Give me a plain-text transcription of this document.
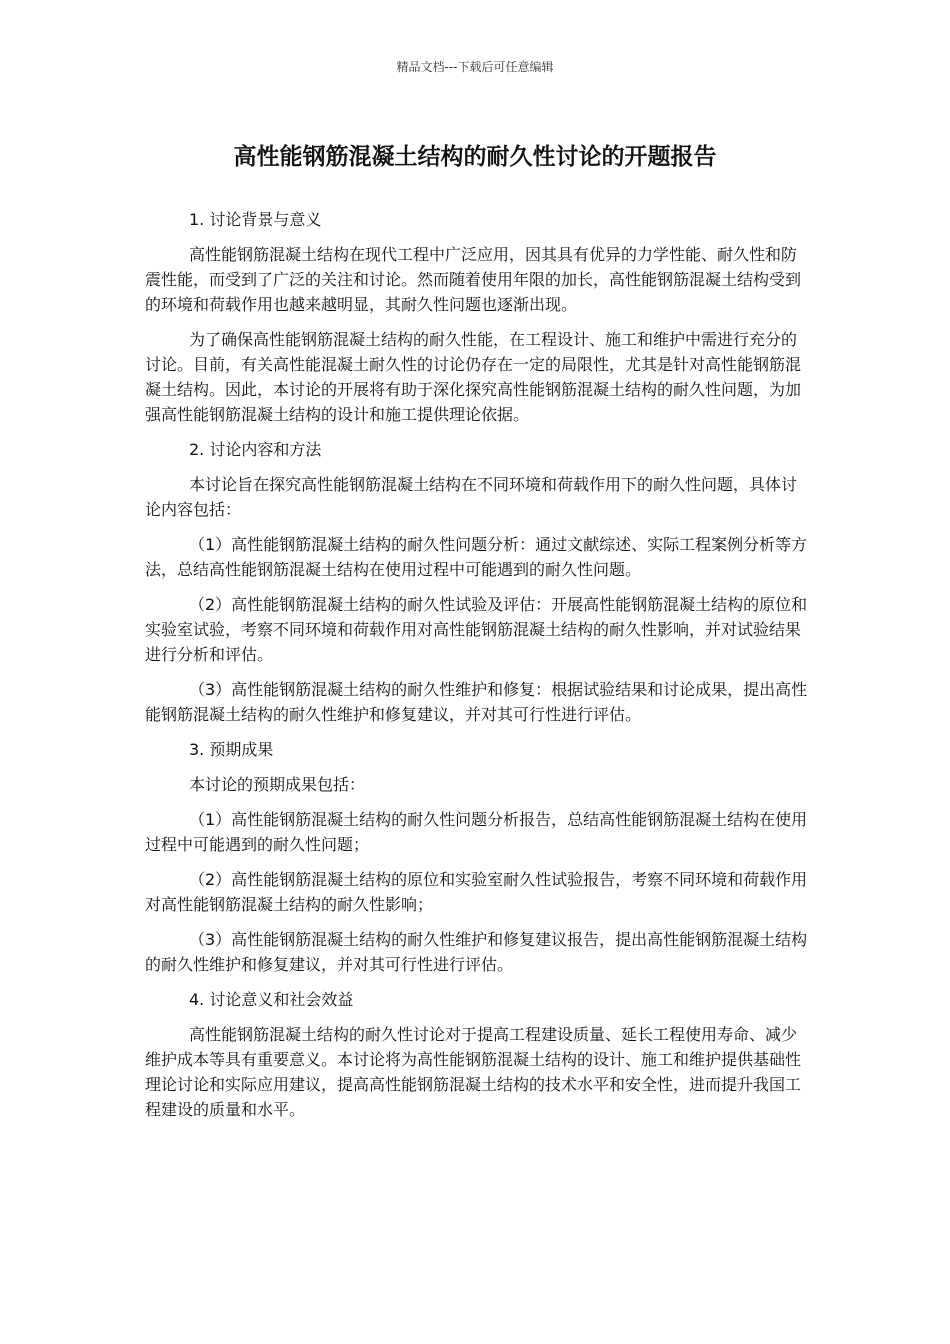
精品文档---下载后可任意编辑
高性能钢筋混凝土结构的耐久性讨论的开题报告
1. 讨论背景与意义

高性能钢筋混凝土结构在现代工程中广泛应用，因其具有优异的力学性能、耐久性和防震性能，而受到了广泛的关注和讨论。然而随着使用年限的加长，高性能钢筋混凝土结构受到的环境和荷载作用也越来越明显，其耐久性问题也逐渐出现。

为了确保高性能钢筋混凝土结构的耐久性能，在工程设计、施工和维护中需进行充分的讨论。目前，有关高性能混凝土耐久性的讨论仍存在一定的局限性，尤其是针对高性能钢筋混凝土结构。因此，本讨论的开展将有助于深化探究高性能钢筋混凝土结构的耐久性问题，为加强高性能钢筋混凝土结构的设计和施工提供理论依据。

2. 讨论内容和方法

本讨论旨在探究高性能钢筋混凝土结构在不同环境和荷载作用下的耐久性问题，具体讨论内容包括：

（1）高性能钢筋混凝土结构的耐久性问题分析：通过文献综述、实际工程案例分析等方法，总结高性能钢筋混凝土结构在使用过程中可能遇到的耐久性问题。

（2）高性能钢筋混凝土结构的耐久性试验及评估：开展高性能钢筋混凝土结构的原位和实验室试验，考察不同环境和荷载作用对高性能钢筋混凝土结构的耐久性影响，并对试验结果进行分析和评估。

（3）高性能钢筋混凝土结构的耐久性维护和修复：根据试验结果和讨论成果，提出高性能钢筋混凝土结构的耐久性维护和修复建议，并对其可行性进行评估。

3. 预期成果

本讨论的预期成果包括：

（1）高性能钢筋混凝土结构的耐久性问题分析报告，总结高性能钢筋混凝土结构在使用过程中可能遇到的耐久性问题；

（2）高性能钢筋混凝土结构的原位和实验室耐久性试验报告，考察不同环境和荷载作用对高性能钢筋混凝土结构的耐久性影响；

（3）高性能钢筋混凝土结构的耐久性维护和修复建议报告，提出高性能钢筋混凝土结构的耐久性维护和修复建议，并对其可行性进行评估。

4. 讨论意义和社会效益

高性能钢筋混凝土结构的耐久性讨论对于提高工程建设质量、延长工程使用寿命、减少维护成本等具有重要意义。本讨论将为高性能钢筋混凝土结构的设计、施工和维护提供基础性理论讨论和实际应用建议，提高高性能钢筋混凝土结构的技术水平和安全性，进而提升我国工程建设的质量和水平。
